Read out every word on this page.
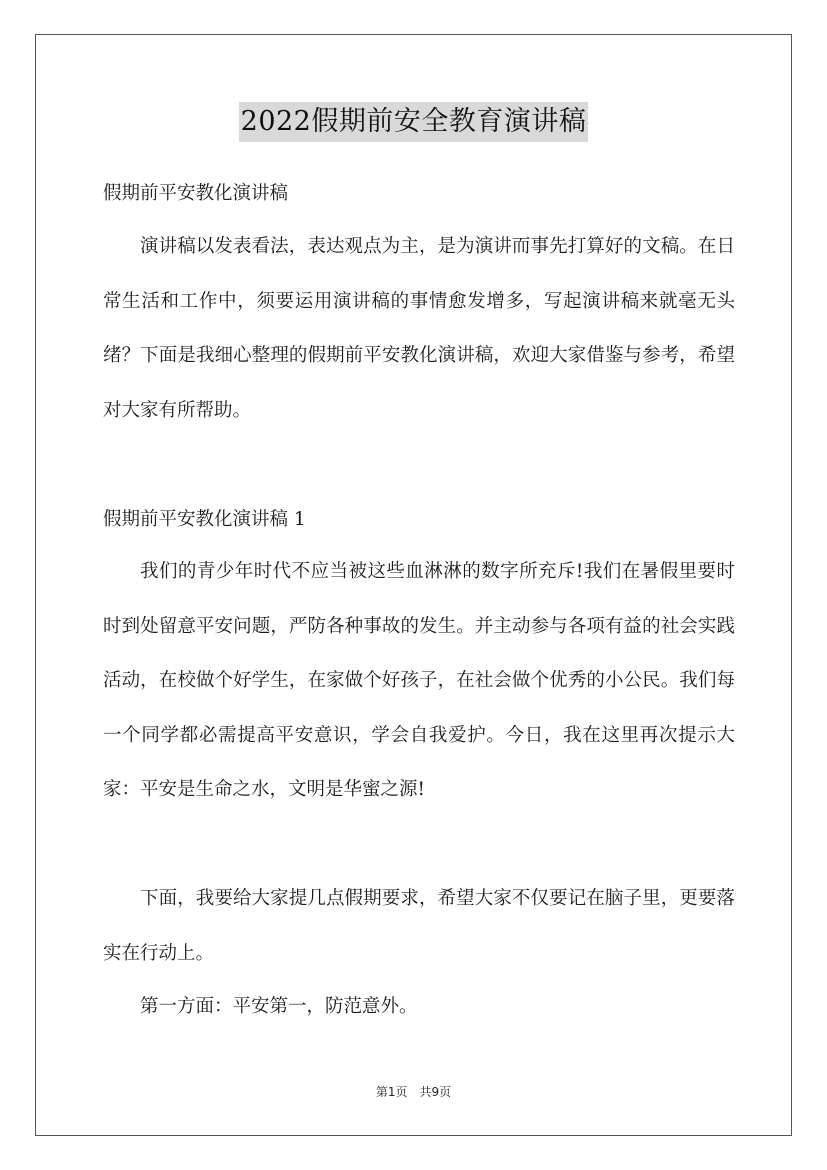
2022假期前安全教育演讲稿
假期前平安教化演讲稿
演讲稿以发表看法，表达观点为主，是为演讲而事先打算好的文稿。在日常生活和工作中，须要运用演讲稿的事情愈发增多，写起演讲稿来就毫无头绪？下面是我细心整理的假期前平安教化演讲稿，欢迎大家借鉴与参考，希望对大家有所帮助。
假期前平安教化演讲稿 1
我们的青少年时代不应当被这些血淋淋的数字所充斥!我们在暑假里要时时到处留意平安问题，严防各种事故的发生。并主动参与各项有益的社会实践活动，在校做个好学生，在家做个好孩子，在社会做个优秀的小公民。我们每一个同学都必需提高平安意识，学会自我爱护。今日，我在这里再次提示大家：平安是生命之水，文明是华蜜之源!
下面，我要给大家提几点假期要求，希望大家不仅要记在脑子里，更要落实在行动上。
第一方面：平安第一，防范意外。
第1页 共9页
